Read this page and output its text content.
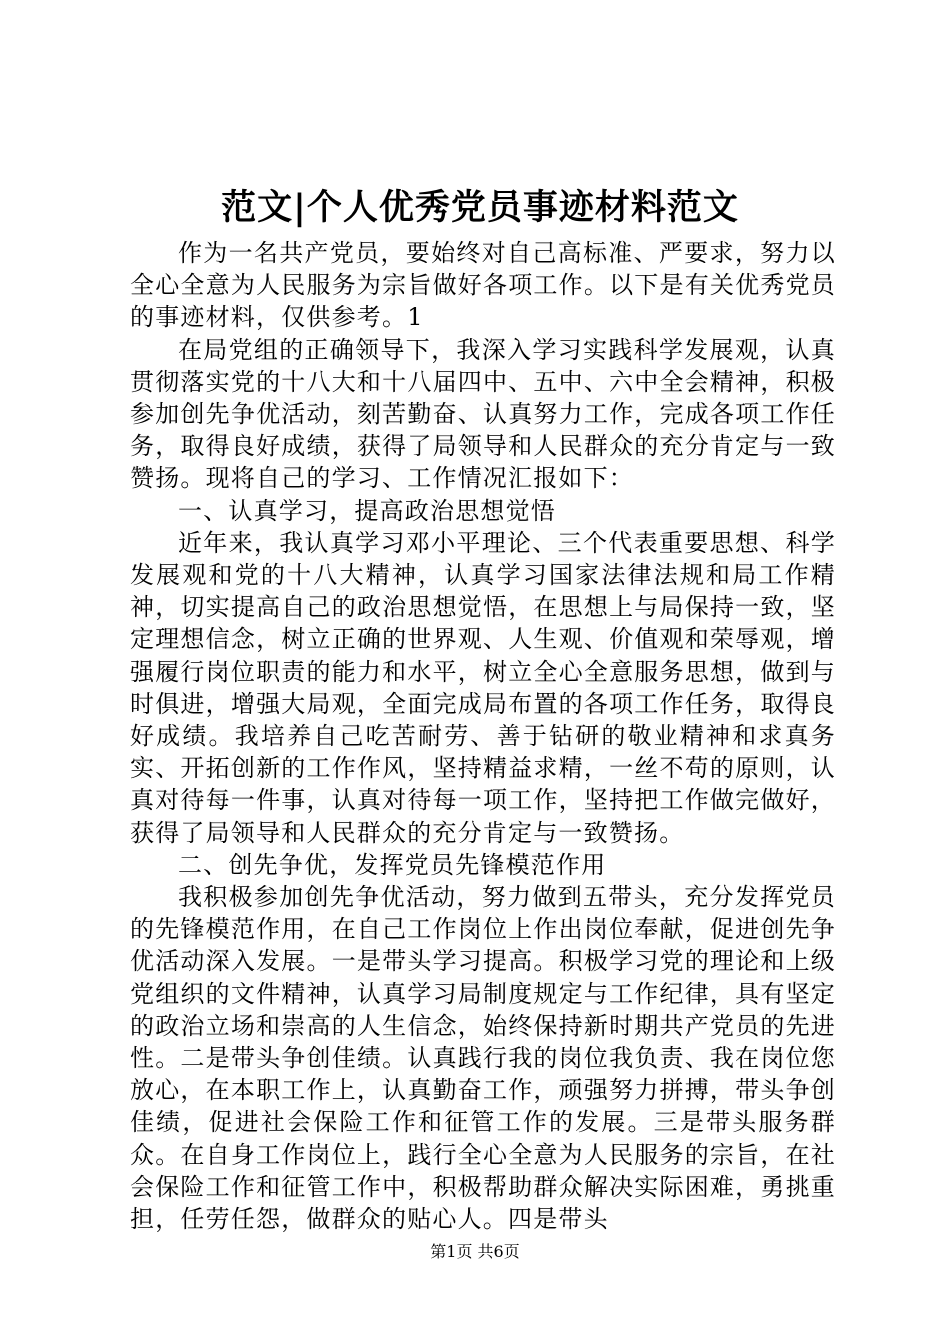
范文|个人优秀党员事迹材料范文

作为一名共产党员，要始终对自己高标准、严要求，努力以全心全意为人民服务为宗旨做好各项工作。以下是有关优秀党员的事迹材料，仅供参考。1

在局党组的正确领导下，我深入学习实践科学发展观，认真贯彻落实党的十八大和十八届四中、五中、六中全会精神，积极参加创先争优活动，刻苦勤奋、认真努力工作，完成各项工作任务，取得良好成绩，获得了局领导和人民群众的充分肯定与一致赞扬。现将自己的学习、工作情况汇报如下：

一、认真学习，提高政治思想觉悟

近年来，我认真学习邓小平理论、三个代表重要思想、科学发展观和党的十八大精神，认真学习国家法律法规和局工作精神，切实提高自己的政治思想觉悟，在思想上与局保持一致，坚定理想信念，树立正确的世界观、人生观、价值观和荣辱观，增强履行岗位职责的能力和水平，树立全心全意服务思想，做到与时俱进，增强大局观，全面完成局布置的各项工作任务，取得良好成绩。我培养自己吃苦耐劳、善于钻研的敬业精神和求真务实、开拓创新的工作作风，坚持精益求精，一丝不苟的原则，认真对待每一件事，认真对待每一项工作，坚持把工作做完做好，获得了局领导和人民群众的充分肯定与一致赞扬。

二、创先争优，发挥党员先锋模范作用

我积极参加创先争优活动，努力做到五带头，充分发挥党员的先锋模范作用，在自己工作岗位上作出岗位奉献，促进创先争优活动深入发展。一是带头学习提高。积极学习党的理论和上级党组织的文件精神，认真学习局制度规定与工作纪律，具有坚定的政治立场和崇高的人生信念，始终保持新时期共产党员的先进性。二是带头争创佳绩。认真践行我的岗位我负责、我在岗位您放心，在本职工作上，认真勤奋工作，顽强努力拼搏，带头争创佳绩，促进社会保险工作和征管工作的发展。三是带头服务群众。在自身工作岗位上，践行全心全意为人民服务的宗旨，在社会保险工作和征管工作中，积极帮助群众解决实际困难，勇挑重担，任劳任怨，做群众的贴心人。四是带头

第1页 共6页
